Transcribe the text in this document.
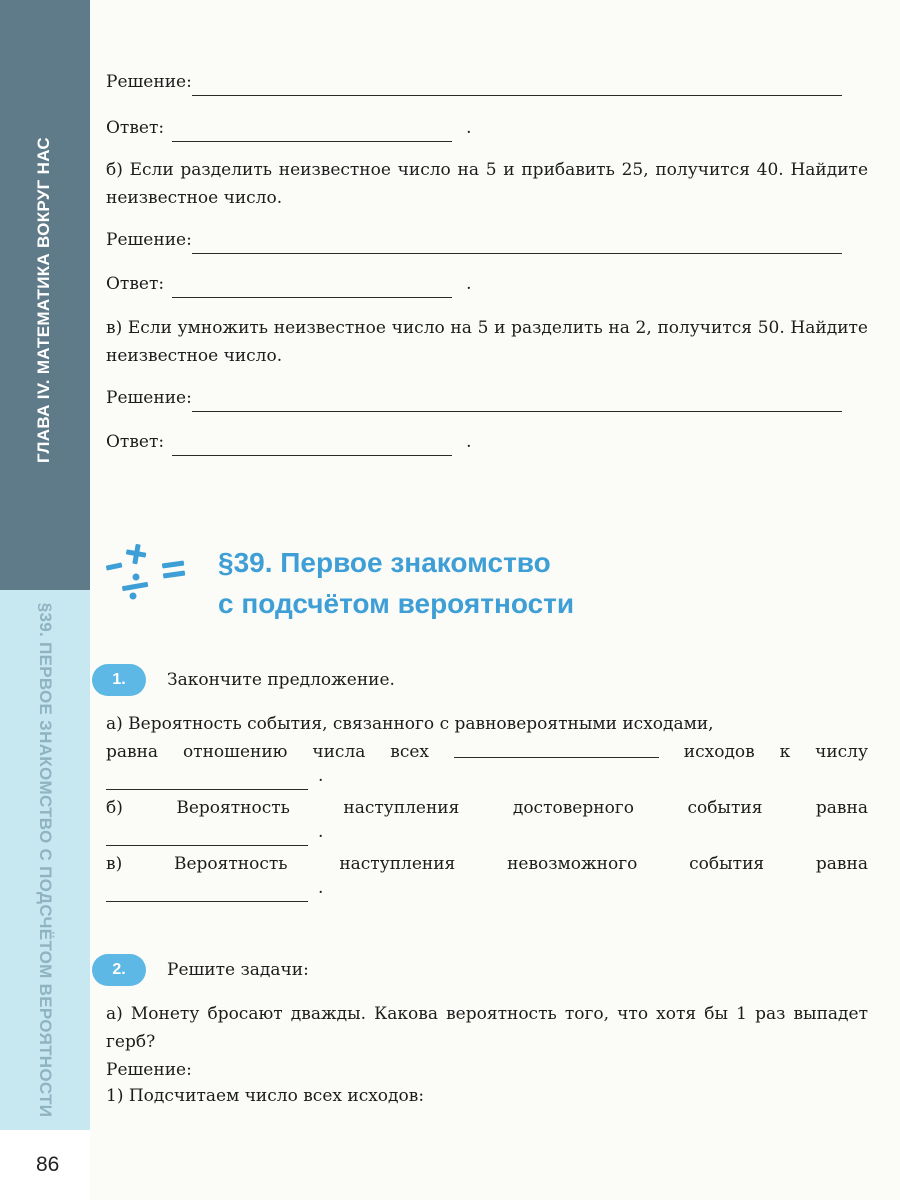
ГЛАВА IV. МАТЕМАТИКА ВОКРУГ НАС
§39. ПЕРВОЕ ЗНАКОМСТВО С ПОДСЧЁТОМ ВЕРОЯТНОСТИ
86
Решение:
Ответ:	.
б) Если разделить неизвестное число на 5 и прибавить 25, получится 40. Найдите неизвестное число.
Решение:
Ответ:	.
в) Если умножить неизвестное число на 5 и разделить на 2, получится 50. Найдите неизвестное число.
Решение:
Ответ:	.
§39. Первое знакомство
с подсчётом вероятности
1.	Закончите предложение.
а) Вероятность события, связанного с равновероятными исходами,
равна отношению числа всех	исходов к числу
.
б)	Вероятность	наступления	достоверного	события	равна
.
в)	Вероятность	наступления	невозможного	события	равна
.
2.	Решите задачи:
а) Монету бросают дважды. Какова вероятность того, что хотя бы 1 раз выпадет герб?
Решение:
1) Подсчитаем число всех исходов:
